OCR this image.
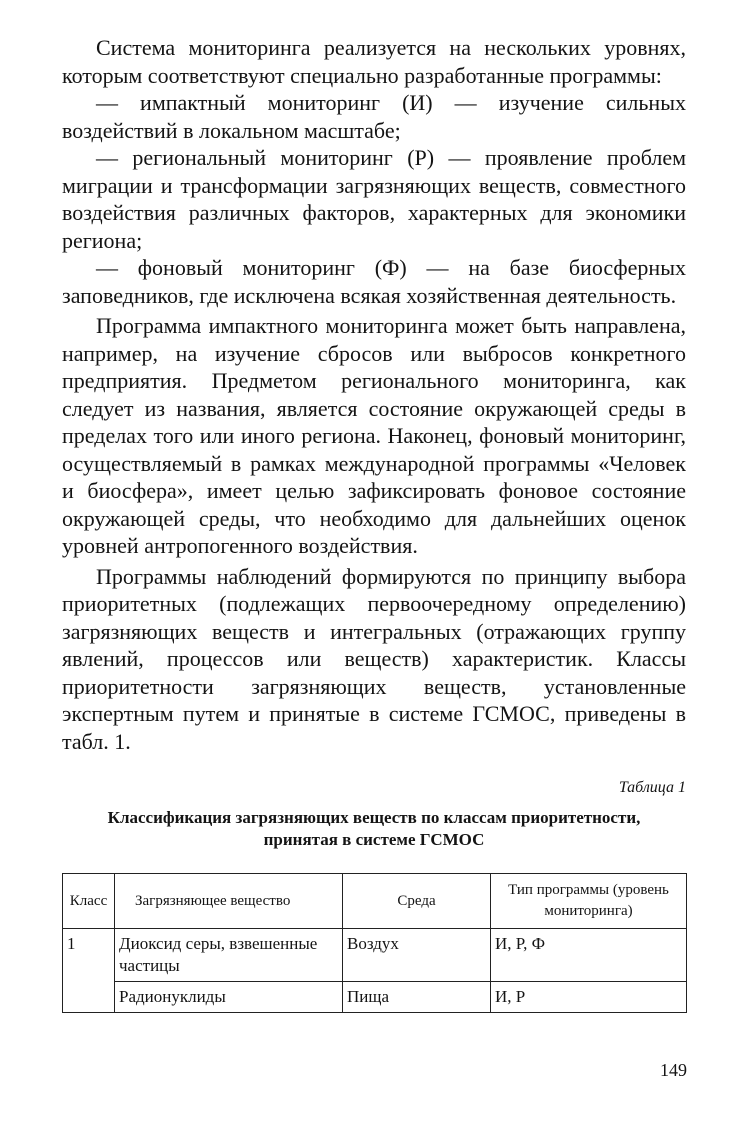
Система мониторинга реализуется на нескольких уровнях, которым соответствуют специально разработанные программы:

— импактный мониторинг (И) — изучение сильных воздействий в локальном масштабе;

— региональный мониторинг (Р) — проявление проблем миграции и трансформации загрязняющих веществ, совместного воздействия различных факторов, характерных для экономики региона;

— фоновый мониторинг (Ф) — на базе биосферных заповедников, где исключена всякая хозяйственная деятельность.

Программа импактного мониторинга может быть направлена, например, на изучение сбросов или выбросов конкретного предприятия. Предметом регионального мониторинга, как следует из названия, является состояние окружающей среды в пределах того или иного региона. Наконец, фоновый мониторинг, осуществляемый в рамках международной программы «Человек и биосфера», имеет целью зафиксировать фоновое состояние окружающей среды, что необходимо для дальнейших оценок уровней антропогенного воздействия.

Программы наблюдений формируются по принципу выбора приоритетных (подлежащих первоочередному определению) загрязняющих веществ и интегральных (отражающих группу явлений, процессов или веществ) характеристик. Классы приоритетности загрязняющих веществ, установленные экспертным путем и принятые в системе ГСМОС, приведены в табл. 1.

Таблица 1
Классификация загрязняющих веществ по классам приоритетности,
принятая в системе ГСМОС
Класс	Загрязняющее вещество	Среда	Тип программы (уровень мониторинга)
1	Диоксид серы, взвешенные частицы	Воздух	И, Р, Ф
	Радионуклиды	Пища	И, Р
149
